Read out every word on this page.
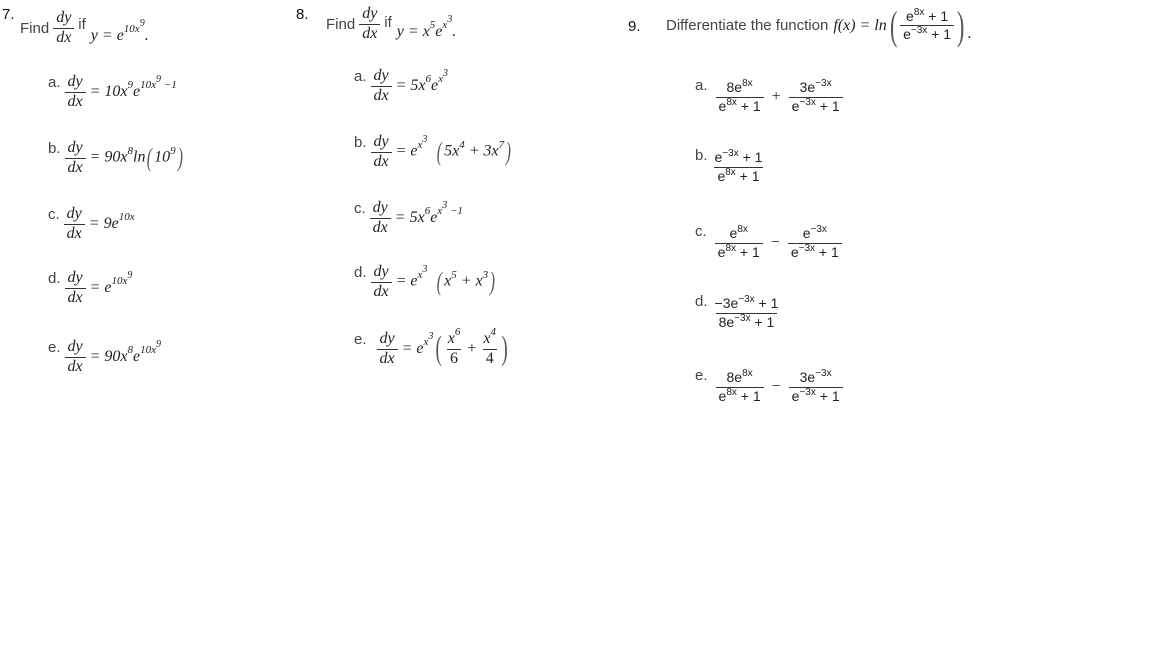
7.
Find $\frac{dy}{dx}$ if
$y = e^{10x9}$.
a. $\frac{dy}{dx} = 10x^9e^{10x9 -1}$
b. $\frac{dy}{dx} = 90x^8\ln$( $10^9$)
c. $\frac{dy}{dx} = 9e^{10x}$
d. $\frac{dy}{dx} = e^{10x9}$
e. $\frac{dy}{dx} = 90x^8e^{10x9}$
8.
Find $\frac{dy}{dx}$ if
$y = x^5e^{x3}$.
a. $\frac{dy}{dx} = 5x^6e^{x3}$
b. $\frac{dy}{dx} = e^{x3}$ ( $5x^4 + 3x^7$)
c. $\frac{dy}{dx} = 5x^6e^{x3 -1}$
d. $\frac{dy}{dx} = e^{x3}$ ( $x^5 + x^3$)
e. $\frac{dy}{dx} = e^{x3}$ ( $\frac{x^6}{6} + \frac{x^4}{4}$ )
9. Differentiate the function f(x) = ln ( $\frac{e^{8x} + 1}{e^{-3x} + 1}$ ) .
a. $\frac{8e^{8x}}{e^{8x} + 1} + \frac{3e^{-3x}}{e^{-3x} + 1}$
b. $\frac{e^{-3x} + 1}{e^{8x} + 1}$
c. $\frac{e^{8x}}{e^{8x} + 1} - \frac{e^{-3x}}{e^{-3x} + 1}$
d. $\frac{-3e^{-3x} + 1}{8e^{-3x} + 1}$
e. $\frac{8e^{8x}}{e^{8x} + 1} - \frac{3e^{-3x}}{e^{-3x} + 1}$
